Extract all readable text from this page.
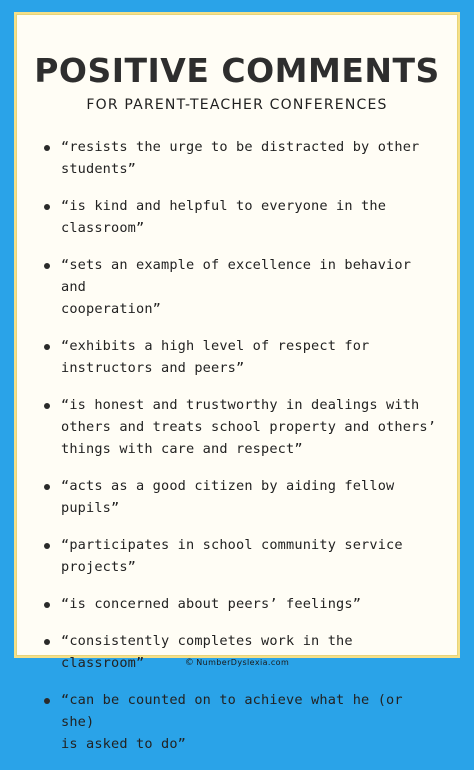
POSITIVE COMMENTS
FOR PARENT-TEACHER CONFERENCES
“resists the urge to be distracted by other
students”
“is kind and helpful to everyone in the
classroom”
“sets an example of excellence in behavior and
cooperation”
“exhibits a high level of respect for
instructors and peers”
“is honest and trustworthy in dealings with
others and treats school property and others’
things with care and respect”
“acts as a good citizen by aiding fellow pupils”
“participates in school community service
projects”
“is concerned about peers’ feelings”
“consistently completes work in the classroom”
“can be counted on to achieve what he (or she)
is asked to do”
© NumberDyslexia.com
